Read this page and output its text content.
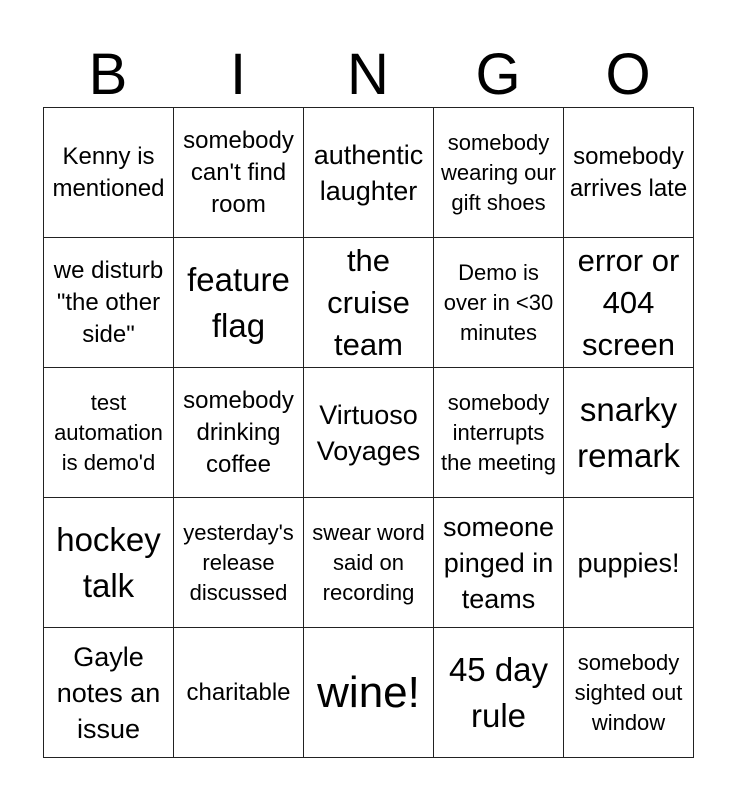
B	I	N	G	O
Kenny is mentioned	somebody can't find room	authentic laughter	somebody wearing our gift shoes	somebody arrives late
we disturb "the other side"	feature flag	the cruise team	Demo is over in <30 minutes	error or 404 screen
test automation is demo'd	somebody drinking coffee	Virtuoso Voyages	somebody interrupts the meeting	snarky remark
hockey talk	yesterday's release discussed	swear word said on recording	someone pinged in teams	puppies!
Gayle notes an issue	charitable	wine!	45 day rule	somebody sighted out window
